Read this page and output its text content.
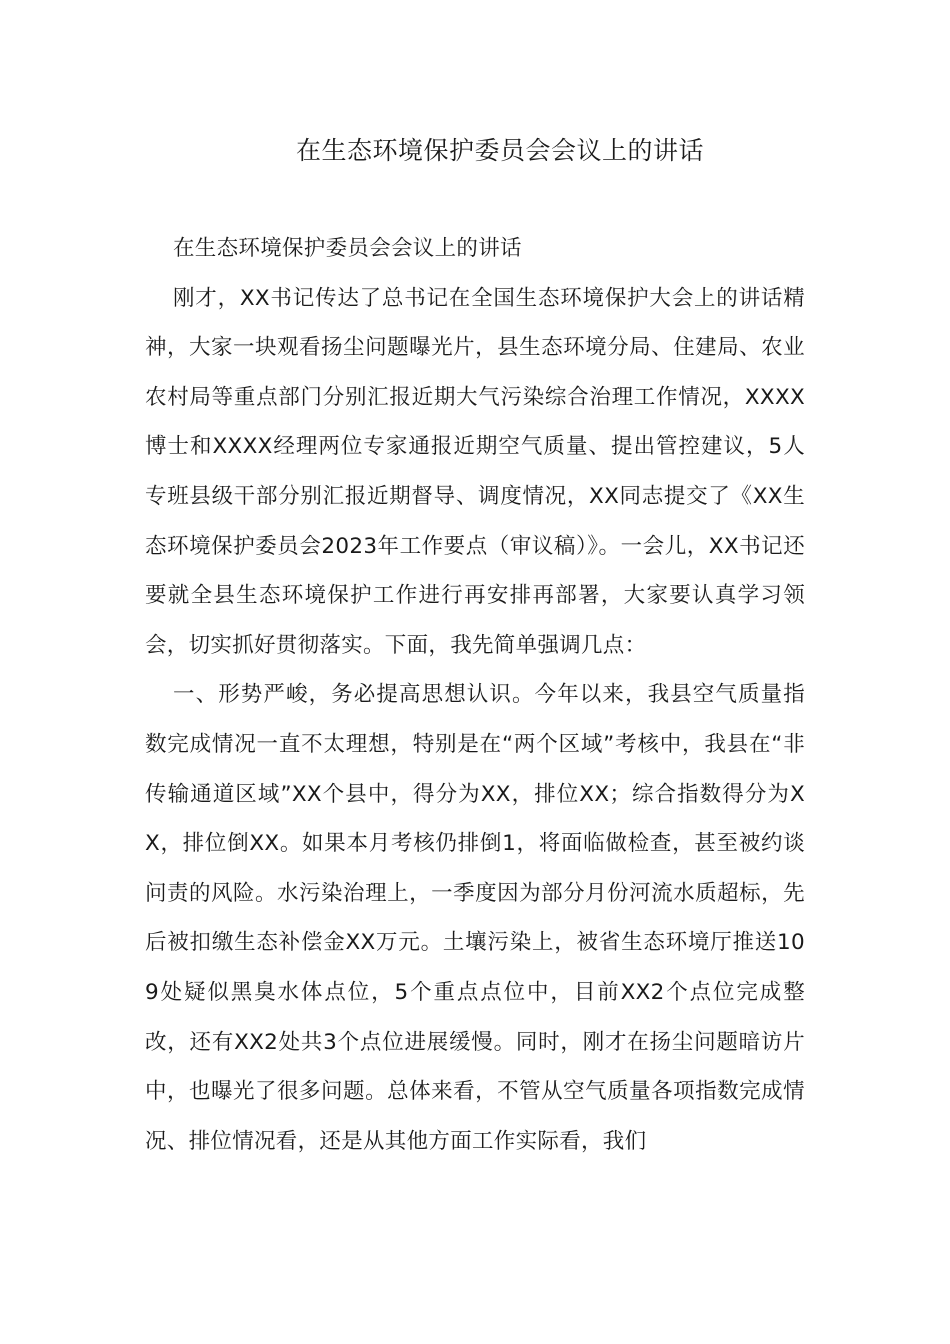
在生态环境保护委员会会议上的讲话

在生态环境保护委员会会议上的讲话

刚才，XX书记传达了总书记在全国生态环境保护大会上的讲话精神，大家一块观看扬尘问题曝光片，县生态环境分局、住建局、农业农村局等重点部门分别汇报近期大气污染综合治理工作情况，XXXX博士和XXXX经理两位专家通报近期空气质量、提出管控建议，5人专班县级干部分别汇报近期督导、调度情况，XX同志提交了《XX生态环境保护委员会2023年工作要点（审议稿）》。一会儿，XX书记还要就全县生态环境保护工作进行再安排再部署，大家要认真学习领会，切实抓好贯彻落实。下面，我先简单强调几点：

一、形势严峻，务必提高思想认识。今年以来，我县空气质量指数完成情况一直不太理想，特别是在“两个区域”考核中，我县在“非传输通道区域”XX个县中，得分为XX，排位XX；综合指数得分为XX，排位倒XX。如果本月考核仍排倒1，将面临做检查，甚至被约谈问责的风险。水污染治理上，一季度因为部分月份河流水质超标，先后被扣缴生态补偿金XX万元。土壤污染上，被省生态环境厅推送109处疑似黑臭水体点位，5个重点点位中，目前XX2个点位完成整改，还有XX2处共3个点位进展缓慢。同时，刚才在扬尘问题暗访片中，也曝光了很多问题。总体来看，不管从空气质量各项指数完成情况、排位情况看，还是从其他方面工作实际看，我们
